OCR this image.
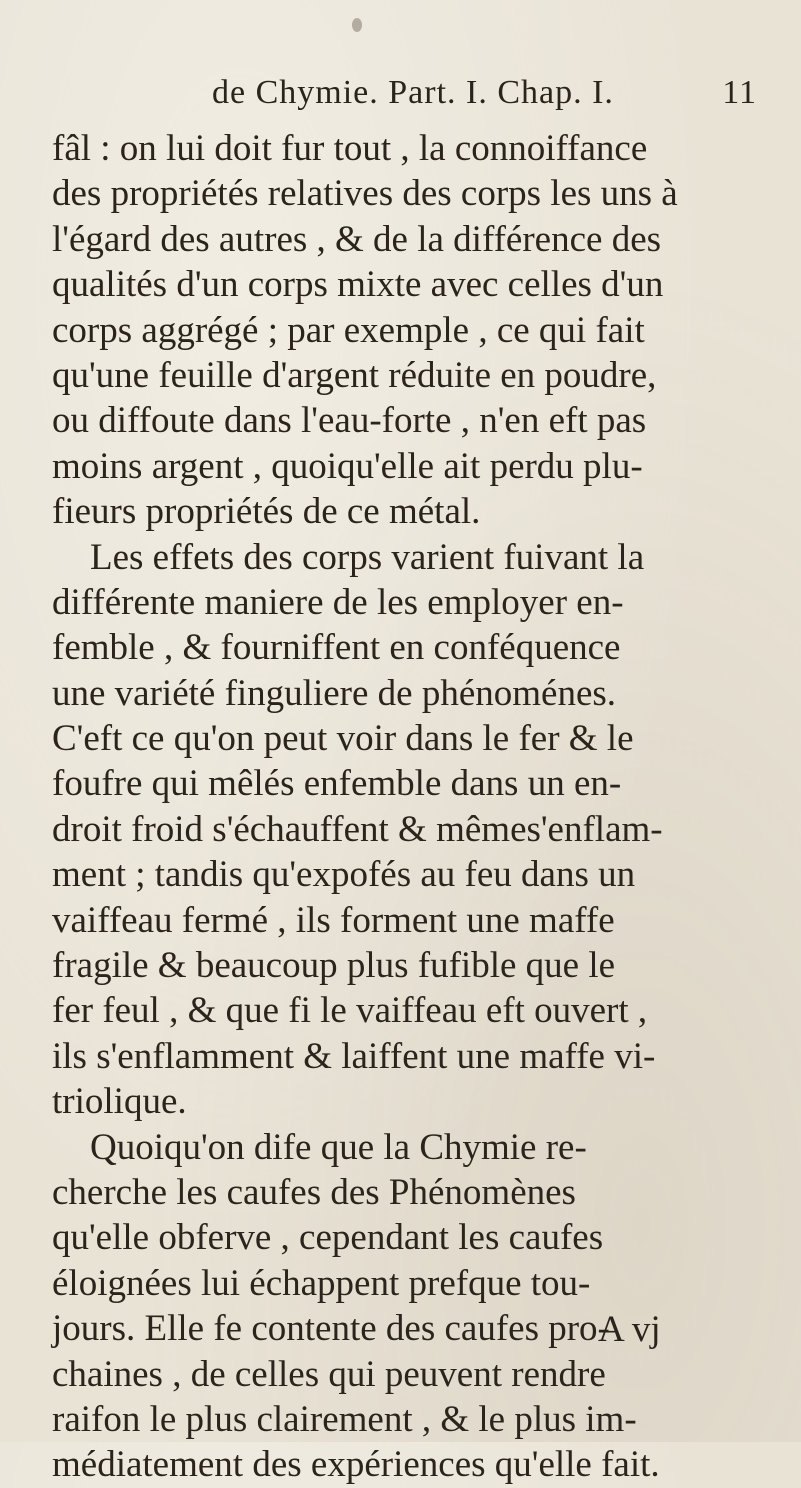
de Chymie. Part. I. Chap. I.	11
fâl : on lui doit fur tout , la connoiffance
des propriétés relatives des corps les uns à
l'égard des autres , & de la différence des
qualités d'un corps mixte avec celles d'un
corps aggrégé ; par exemple , ce qui fait
qu'une feuille d'argent réduite en poudre,
ou diffoute dans l'eau-forte , n'en eft pas
moins argent , quoiqu'elle ait perdu plu-
fieurs propriétés de ce métal.
Les effets des corps varient fuivant la
différente maniere de les employer en-
femble , & fourniffent en conféquence
une variété finguliere de phénoménes.
C'eft ce qu'on peut voir dans le fer & le
foufre qui mêlés enfemble dans un en-
droit froid s'échauffent & mêmes'enflam-
ment ; tandis qu'expofés au feu dans un
vaiffeau fermé , ils forment une maffe
fragile & beaucoup plus fufible que le
fer feul , & que fi le vaiffeau eft ouvert ,
ils s'enflamment & laiffent une maffe vi-
triolique.
Quoiqu'on dife que la Chymie re-
cherche les caufes des Phénomènes
qu'elle obferve , cependant les caufes
éloignées lui échappent prefque tou-
jours. Elle fe contente des caufes pro-
chaines , de celles qui peuvent rendre
raifon le plus clairement , & le plus im-
médiatement des expériences qu'elle fait.
A vj
